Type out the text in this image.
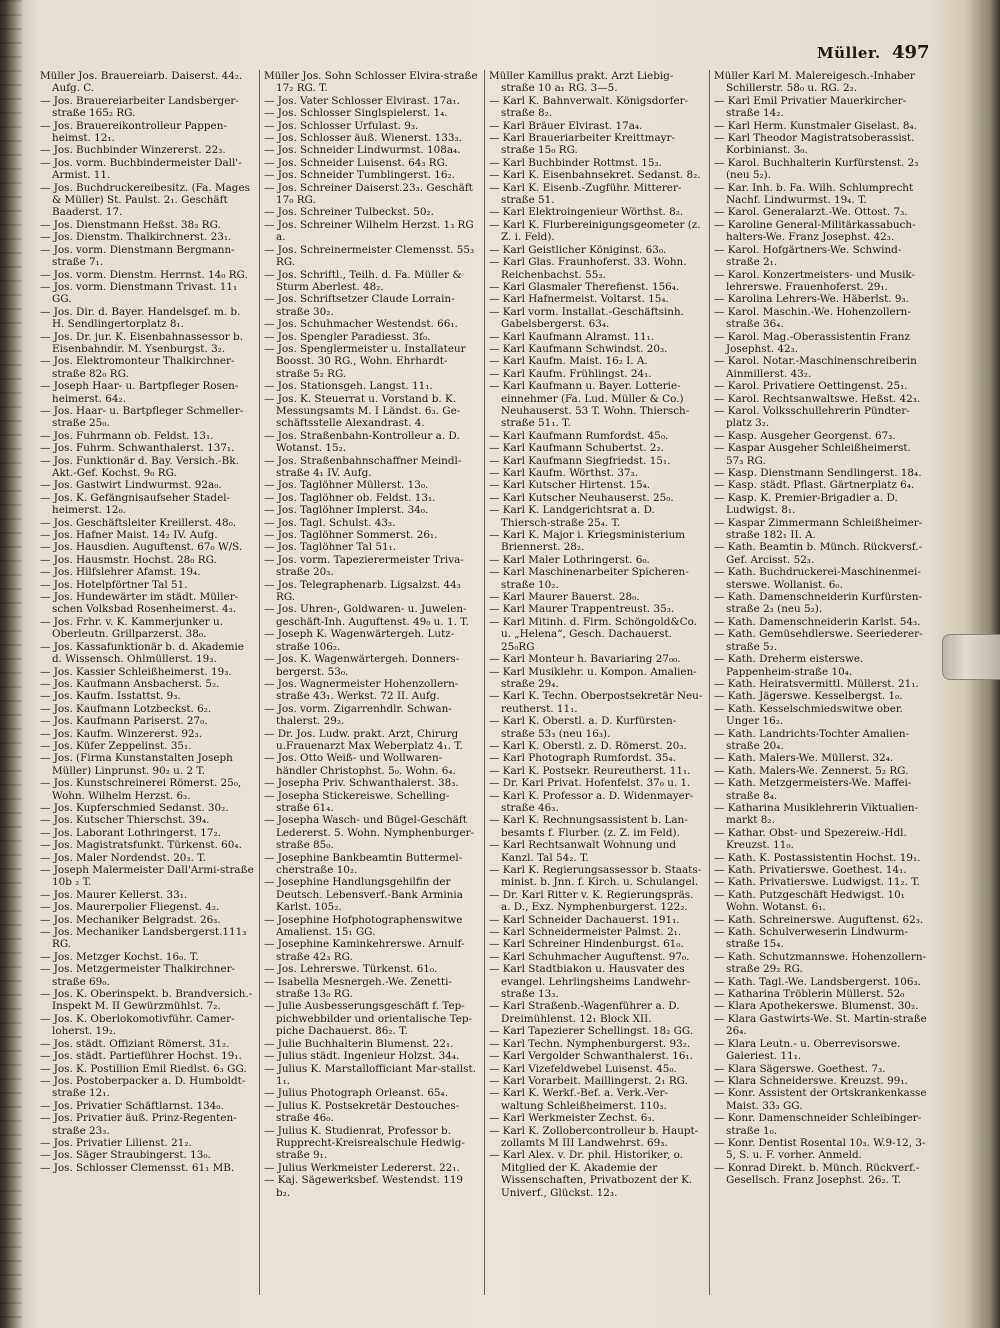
Müller. 497

Müller Jos. Brauereiarb. Daiserst. 44₂. Aufg. C.

— Jos. Brauereiarbeiter Landsberger-straße 165₂ RG.

— Jos. Brauereikontrolleur Pappen-heimst. 12₁.

— Jos. Buchbinder Winzererst. 22₃.

— Jos. vorm. Buchbindermeister Dall'-Armist. 11.

— Jos. Buchdruckereibesitz. (Fa. Mages & Müller) St. Paulst. 2₁. Geschäft Baaderst. 17.

— Jos. Dienstmann Heßst. 38₃ RG.

— Jos. Dienstm. Thalkirchnerst. 23₁.

— Jos. vorm. Dienstmann Bergmann-straße 7₁.

— Jos. vorm. Dienstm. Herrnst. 14₀ RG.

— Jos. vorm. Dienstmann Trivast. 11₁ GG.

— Jos. Dir. d. Bayer. Handelsgef. m. b. H. Sendlingertorplatz 8₁.

— Jos. Dr. jur. K. Eisenbahnassessor b. Eisenbahndir. M. Ysenburgst. 3₂.

— Jos. Elektromonteur Thalkirchner-straße 82₀ RG.

— Joseph Haar- u. Bartpfleger Rosen-heimerst. 64₂.

— Jos. Haar- u. Bartpfleger Schmeller-straße 25₀.

— Jos. Fuhrmann ob. Feldst. 13₁.

— Jos. Fuhrm. Schwanthalerst. 137₁.

— Jos. Funktionär d. Bay. Versich.-Bk. Akt.-Gef. Kochst. 9₀ RG.

— Jos. Gastwirt Lindwurmst. 92a₀.

— Jos. K. Gefängnisaufseher Stadel-heimerst. 12₀.

— Jos. Geschäftsleiter Kreillerst. 48₀.

— Jos. Hafner Maist. 14₂ IV. Aufg.

— Jos. Hausdien. Auguftenst. 67₀ W/S.

— Jos. Hausmstr. Hochst. 28₀ RG.

— Jos. Hilfslehrer Afamst. 19₄.

— Jos. Hotelpförtner Tal 51.

— Jos. Hundewärter im städt. Müller-schen Volksbad Rosenheimerst. 4₃.

— Jos. Frhr. v. K. Kammerjunker u. Oberleutn. Grillparzerst. 38₀.

— Jos. Kassafunktionär b. d. Akademie d. Wissensch. Ohlmüllerst. 19₃.

— Jos. Kassier Schleißheimerst. 19₃.

— Jos. Kaufmann Ansbacherst. 5₂.

— Jos. Kaufm. Isstattst. 9₃.

— Jos. Kaufmann Lotzbeckst. 6₂.

— Jos. Kaufmann Pariserst. 27₀.

— Jos. Kaufm. Winzererst. 92₃.

— Jos. Küfer Zeppelinst. 35₁.

— Jos. (Firma Kunstanstalten Joseph Müller) Linprunst. 90₂ u. 2 T.

— Jos. Kunstschreinerei Römerst. 25₀, Wohn. Wilhelm Herzst. 6₃.

— Jos. Kupferschmied Sedanst. 30₂.

— Jos. Kutscher Thierschst. 39₄.

— Jos. Laborant Lothringerst. 17₂.

— Jos. Magistratsfunkt. Türkenst. 60₄.

— Jos. Maler Nordendst. 20₃. T.

— Joseph Malermeister Dall'Armi-straße 10b ₂ T.

— Jos. Maurer Kellerst. 33₁.

— Jos. Maurerpolier Fliegenst. 4₂.

— Jos. Mechaniker Belgradst. 26₃.

— Jos. Mechaniker Landsbergerst.111₃ RG.

— Jos. Metzger Kochst. 16₀. T.

— Jos. Metzgermeister Thalkirchner-straße 69₀.

— Jos. K. Oberinspekt. b. Brandversich.-Inspekt M. II Gewürzmühlst. 7₂.

— Jos. K. Oberlokomotivführ. Camer-loherst. 19₂.

— Jos. städt. Offiziant Römerst. 31₂.

— Jos. städt. Partieführer Hochst. 19₁.

— Jos. K. Postillion Emil Riedlst. 6₃ GG.

— Jos. Postoberpacker a. D. Humboldt-straße 12₁.

— Jos. Privatier Schäftlarnst. 134₀.

— Jos. Privatier äuß. Prinz-Regenten-straße 23₃.

— Jos. Privatier Lilienst. 21₂.

— Jos. Säger Straubingerst. 13₀.

— Jos. Schlosser Clemensst. 61₁ MB.

Müller Jos. Sohn Schlosser Elvira-straße 17₂ RG. T.

— Jos. Vater Schlosser Elvirast. 17a₁.

— Jos. Schlosser Singlspielerst. 1₄.

— Jos. Schlosser Urfulast. 9₃.

— Jos. Schlosser äuß. Wienerst. 133₃.

— Jos. Schneider Lindwurmst. 108a₄.

— Jos. Schneider Luisenst. 64₃ RG.

— Jos. Schneider Tumblingerst. 16₂.

— Jos. Schreiner Daiserst.23₃. Geschäft 17₀ RG.

— Jos. Schreiner Tulbeckst. 50₂.

— Jos. Schreiner Wilhelm Herzst. 1₃ RG a.

— Jos. Schreinermeister Clemensst. 55₃ RG.

— Jos. Schriftl., Teilh. d. Fa. Müller & Sturm Aberlest. 48₂.

— Jos. Schriftsetzer Claude Lorrain-straße 30₂.

— Jos. Schuhmacher Westendst. 66₁.

— Jos. Spengler Paradiesst. 3f₀.

— Jos. Spenglermeister u. Installateur Boosst. 30 RG., Wohn. Ehrhardt-straße 5₂ RG.

— Jos. Stationsgeh. Langst. 11₁.

— Jos. K. Steuerrat u. Vorstand b. K. Messungsamts M. I Ländst. 6₃. Ge-schäftsstelle Alexandrast. 4.

— Jos. Straßenbahn-Kontrolleur a. D. Wotanst. 15₂.

— Jos. Straßenbahnschaffner Meindl-straße 4₁ IV. Aufg.

— Jos. Taglöhner Müllerst. 13₀.

— Jos. Taglöhner ob. Feldst. 13₁.

— Jos. Taglöhner Implerst. 34₀.

— Jos. Tagl. Schulst. 43₃.

— Jos. Taglöhner Sommerst. 26₁.

— Jos. Taglöhner Tal 51₁.

— Jos. vorm. Tapezierermeister Triva-straße 20₃.

— Jos. Telegraphenarb. Ligsalzst. 44₃ RG.

— Jos. Uhren-, Goldwaren- u. Juwelen-geschäft-Inh. Auguftenst. 49₀ u. 1. T.

— Joseph K. Wagenwärtergeh. Lutz-straße 106₂.

— Jos. K. Wagenwärtergeh. Donners-bergerst. 53₀.

— Jos. Wagnermeister Hohenzollern-straße 43₁. Werkst. 72 II. Aufg.

— Jos. vorm. Zigarrenhdlr. Schwan-thalerst. 29₂.

— Dr. Jos. Ludw. prakt. Arzt, Chirurg u.Frauenarzt Max Weberplatz 4₁. T.

— Jos. Otto Weiß- und Wollwaren-händler Christophst. 5₀. Wohn. 6₄.

— Josepha Priv. Schwanthalerst. 38₃.

— Josepha Stickereiswe. Schelling-straße 61₄.

— Josepha Wasch- und Bügel-Geschäft Ledererst. 5. Wohn. Nymphenburger-straße 85₀.

— Josephine Bankbeamtin Buttermel-cherstraße 10₂.

— Josephine Handlungsgehilfin der Deutsch. Lebensverf.-Bank Arminia Karlst. 105₂.

— Josephine Hofphotographenswitwe Amalienst. 15₁ GG.

— Josephine Kaminkehrerswe. Arnulf-straße 42₃ RG.

— Jos. Lehrerswe. Türkenst. 61₀.

— Isabella Mesnergeh.-We. Zenetti-straße 13₀ RG.

— Julie Ausbesserungsgeschäft f. Tep-pichwebbilder und orientalische Tep-piche Dachauerst. 86₂. T.

— Julie Buchhalterin Blumenst. 22₁.

— Julius städt. Ingenieur Holzst. 34₄.

— Julius K. Marstallofficiant Mar-stallst. 1₁.

— Julius Photograph Orleanst. 65₄.

— Julius K. Postsekretär Destouches-straße 46₀.

— Julius K. Studienrat, Professor b. Rupprecht-Kreisrealschule Hedwig-straße 9₁.

— Julius Werkmeister Ledererst. 22₁.

— Kaj. Sägewerksbef. Westendst. 119 b₂.

Müller Kamillus prakt. Arzt Liebig-straße 10 a₁ RG. 3—5.

— Karl K. Bahnverwalt. Königsdorfer-straße 8₂.

— Karl Bräuer Elvirast. 17a₄.

— Karl Braueriarbeiter Kreittmayr-straße 15₀ RG.

— Karl Buchbinder Rottmst. 15₃.

— Karl K. Eisenbahnsekret. Sedanst. 8₂.

— Karl K. Eisenb.-Zugführ. Mitterer-straße 51.

— Karl Elektroingenieur Wörthst. 8₂.

— Karl K. Flurbereinigungsgeometer (z. Z. i. Feld).

— Karl Geistlicher Königinst. 63₀.

— Karl Glas. Fraunhoferst. 33. Wohn. Reichenbachst. 55₃.

— Karl Glasmaler Therefienst. 156₄.

— Karl Hafnermeist. Voltarst. 15₄.

— Karl vorm. Installat.-Geschäftsinh. Gabelsbergerst. 63₄.

— Karl Kaufmann Alramst. 11₁.

— Karl Kaufmann Schwindst. 20₃.

— Karl Kaufm. Maist. 16₂ I. A.

— Karl Kaufm. Frühlingst. 24₁.

— Karl Kaufmann u. Bayer. Lotterie-einnehmer (Fa. Lud. Müller & Co.) Neuhauserst. 53 T. Wohn. Thiersch-straße 51₁. T.

— Karl Kaufmann Rumfordst. 45₀.

— Karl Kaufmann Schubertst. 2₂.

— Karl Kaufmann Siegfriedst. 15₁.

— Karl Kaufm. Wörthst. 37₃.

— Karl Kutscher Hirtenst. 15₄.

— Karl Kutscher Neuhauserst. 25₀.

— Karl K. Landgerichtsrat a. D. Thiersch-straße 25₄. T.

— Karl K. Major i. Kriegsministerium Briennerst. 28₂.

— Karl Maler Lothringerst. 6₀.

— Karl Maschinenarbeiter Spicheren-straße 10₂.

— Karl Maurer Bauerst. 28₀.

— Karl Maurer Trappentreust. 35₃.

— Karl Mitinh. d. Firm. Schöngold&Co. u. „Helena“, Gesch. Dachauerst. 25₀RG

— Karl Monteur h. Bavariaring 27₀₀.

— Karl Musiklehr. u. Kompon. Amalien-straße 29₄.

— Karl K. Techn. Oberpostsekretär Neu-reutherst. 11₁.

— Karl K. Oberstl. a. D. Kurfürsten-straße 53₃ (neu 16₃).

— Karl K. Oberstl. z. D. Römerst. 20₃.

— Karl Photograph Rumfordst. 35₄.

— Karl K. Postsekr. Reureutherst. 11₁.

— Dr. Karl Privat. Hofenfelst. 37₀ u. 1.

— Karl K. Professor a. D. Widenmayer-straße 46₃.

— Karl K. Rechnungsassistent b. Lan-besamts f. Flurber. (z. Z. im Feld).

— Karl Rechtsanwalt Wohnung und Kanzl. Tal 54₂. T.

— Karl K. Regierungsassessor b. Staats-minist. b. Jnn. f. Kirch. u. Schulangel.

— Dr. Karl Ritter v. K. Regierungspräs. a. D., Exz. Nymphenburgerst. 122₂.

— Karl Schneider Dachauerst. 191₁.

— Karl Schneidermeister Palmst. 2₁.

— Karl Schreiner Hindenburgst. 61₀.

— Karl Schuhmacher Auguftenst. 97₀.

— Karl Stadtbiakon u. Hausvater des evangel. Lehrlingsheims Landwehr-straße 13₃.

— Karl Straßenb.-Wagenführer a. D. Dreimühlenst. 12₁ Block XII.

— Karl Tapezierer Schellingst. 18₂ GG.

— Karl Techn. Nymphenburgerst. 93₂.

— Karl Vergolder Schwanthalerst. 16₁.

— Karl Vizefeldwebel Luisenst. 45₀.

— Karl Vorarbeit. Maillingerst. 2₁ RG.

— Karl K. Werkf.-Bef. a. Verk.-Ver-waltung Schleißheimerst. 110₃.

— Karl Werkmeister Zechst. 6₃.

— Karl K. Zollobercontrolleur b. Haupt-zollamts M III Landwehrst. 69₃.

— Karl Alex. v. Dr. phil. Historiker, o. Mitglied der K. Akademie der Wissenschaften, Privatbozent der K. Univerf., Glückst. 12₃.

Müller Karl M. Malereigesch.-Inhaber Schillerstr. 58₀ u. RG. 2₂.

— Karl Emil Privatier Mauerkircher-straße 14₂.

— Karl Herm. Kunstmaler Giselast. 8₄.

— Karl Theodor Magistratsoberassist. Korbinianst. 3₀.

— Karol. Buchhalterin Kurfürstenst. 2₃ (neu 5₂).

— Kar. Inh. b. Fa. Wilh. Schlumprecht Nachf. Lindwurmst. 19₄. T.

— Karol. Generalarzt.-We. Ottost. 7₃.

— Karoline General-Militärkassabuch-halters-We. Franz Josephst. 42₃.

— Karol. Hofgärtners-We. Schwind-straße 2₁.

— Karol. Konzertmeisters- und Musik-lehrerswe. Frauenhoferst. 29₁.

— Karolina Lehrers-We. Häberlst. 9₃.

— Karol. Maschin.-We. Hohenzollern-straße 36₄.

— Karol. Mag.-Oberassistentin Franz Josephst. 42₃.

— Karol. Notar.-Maschinenschreiberin Ainmillerst. 43₂.

— Karol. Privatiere Oettingenst. 25₁.

— Karol. Rechtsanwaltswe. Heßst. 42₃.

— Karol. Volksschullehrerin Pündter-platz 3₂.

— Kasp. Ausgeher Georgenst. 67₃.

— Kaspar Ausgeher Schleißheimerst. 57₃ RG.

— Kasp. Dienstmann Sendlingerst. 18₄.

— Kasp. städt. Pflast. Gärtnerplatz 6₄.

— Kasp. K. Premier-Brigadier a. D. Ludwigst. 8₁.

— Kaspar Zimmermann Schleißheimer-straße 182₁ II. A.

— Kath. Beamtin b. Münch. Rückversf.-Gef. Arcisst. 52₃.

— Kath. Buchdruckerei-Maschinenmei-sterswe. Wollanist. 6₀.

— Kath. Damenschneiderin Kurfürsten-straße 2₃ (neu 5₂).

— Kath. Damenschneiderin Karlst. 54₃.

— Kath. Gemüsehdlerswe. Seeriederer-straße 5₂.

— Kath. Dreherm eisterswe. Pappenheim-straße 10₄.

— Kath. Heiratsvermittl. Müllerst. 21₁.

— Kath. Jägerswe. Kesselbergst. 1₀.

— Kath. Kesselschmiedswitwe ober. Unger 16₂.

— Kath. Landrichts-Tochter Amalien-straße 20₄.

— Kath. Malers-We. Müllerst. 32₄.

— Kath. Malers-We. Zennerst. 5₂ RG.

— Kath. Metzgermeisters-We. Maffei-straße 8₄.

— Katharina Musiklehrerin Viktualien-markt 8₂.

— Kathar. Obst- und Spezereiw.-Hdl. Kreuzst. 11₀.

— Kath. K. Postassistentin Hochst. 19₁.

— Kath. Privatierswe. Goethest. 14₁.

— Kath. Privatierswe. Ludwigst. 11₂. T.

— Kath. Putzgeschäft Hedwigst. 10₁ Wohn. Wotanst. 6₁.

— Kath. Schreinerswe. Auguftenst. 62₃.

— Kath. Schulverweserin Lindwurm-straße 15₄.

— Kath. Schutzmannswe. Hohenzollern-straße 29₂ RG.

— Kath. Tagl.-We. Landsbergerst. 106₃.

— Katharina Tröblerin Müllerst. 52₀

— Klara Apothekerswe. Blumenst. 30₂.

— Klara Gastwirts-We. St. Martin-straße 26₄.

— Klara Leutn.- u. Oberrevisorswe. Galeriest. 11₁.

— Klara Sägerswe. Goethest. 7₃.

— Klara Schneiderswe. Kreuzst. 99₁.

— Konr. Assistent der Ortskrankenkasse Maist. 33₃ GG.

— Konr. Damenschneider Schleibinger-straße 1₀.

— Konr. Dentist Rosental 10₃. W.9-12, 3-5, S. u. F. vorher. Anmeld.

— Konrad Direkt. b. Münch. Rückverf.-Gesellsch. Franz Josephst. 26₂. T.
